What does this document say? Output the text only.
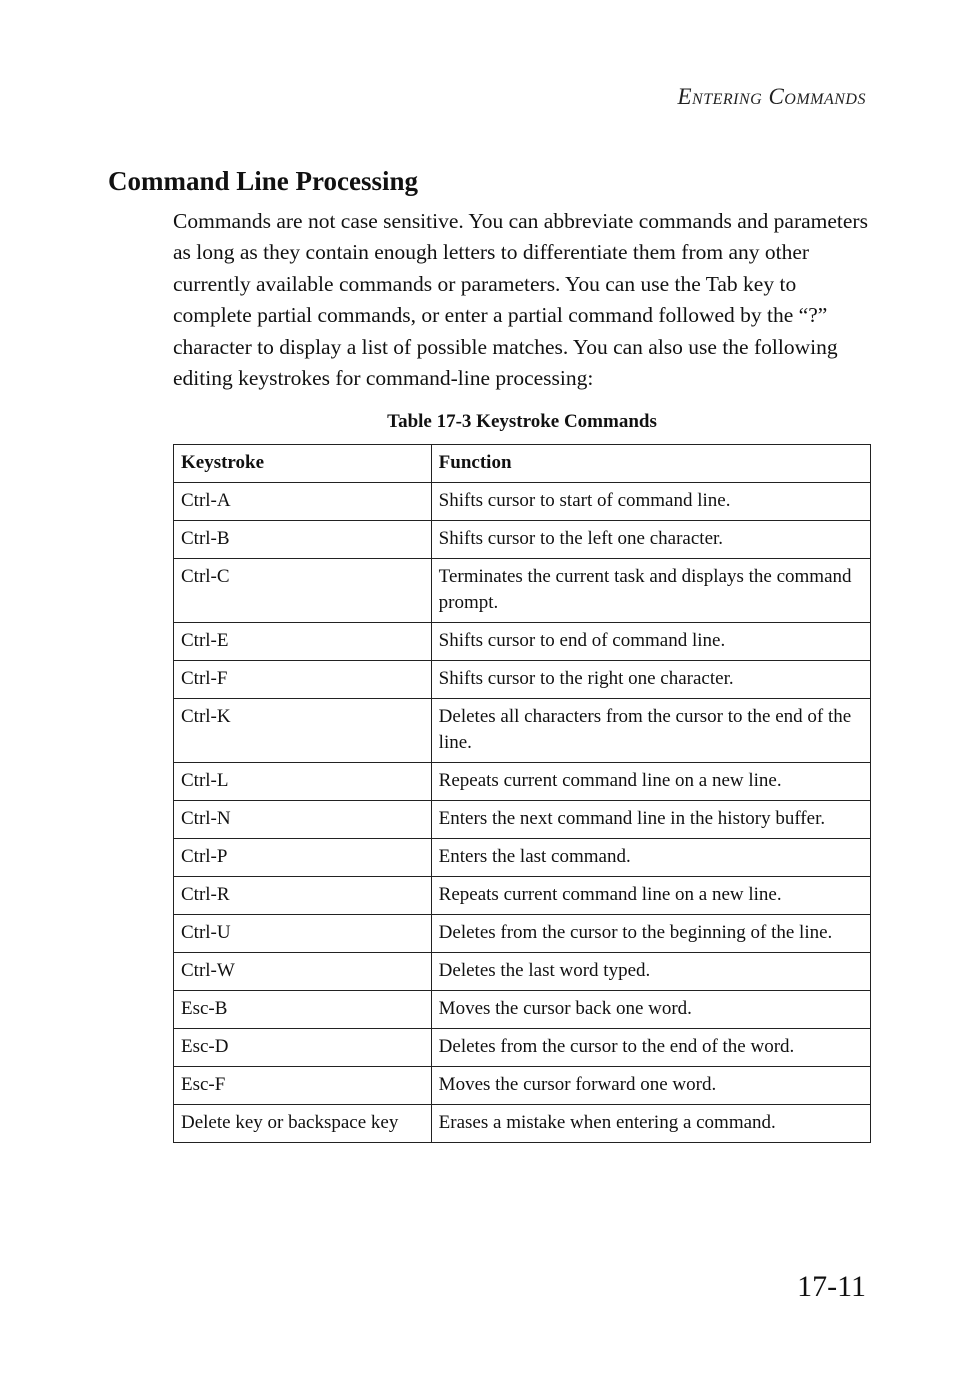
Entering Commands
Command Line Processing

Commands are not case sensitive. You can abbreviate commands and parameters as long as they contain enough letters to differentiate them from any other currently available commands or parameters. You can use the Tab key to complete partial commands, or enter a partial command followed by the “?” character to display a list of possible matches. You can also use the following editing keystrokes for command-line processing:

Table 17-3 Keystroke Commands
Keystroke	Function
Ctrl-A	Shifts cursor to start of command line.
Ctrl-B	Shifts cursor to the left one character.
Ctrl-C	Terminates the current task and displays the command prompt.
Ctrl-E	Shifts cursor to end of command line.
Ctrl-F	Shifts cursor to the right one character.
Ctrl-K	Deletes all characters from the cursor to the end of the line.
Ctrl-L	Repeats current command line on a new line.
Ctrl-N	Enters the next command line in the history buffer.
Ctrl-P	Enters the last command.
Ctrl-R	Repeats current command line on a new line.
Ctrl-U	Deletes from the cursor to the beginning of the line.
Ctrl-W	Deletes the last word typed.
Esc-B	Moves the cursor back one word.
Esc-D	Deletes from the cursor to the end of the word.
Esc-F	Moves the cursor forward one word.
Delete key or backspace key	Erases a mistake when entering a command.
17-11
